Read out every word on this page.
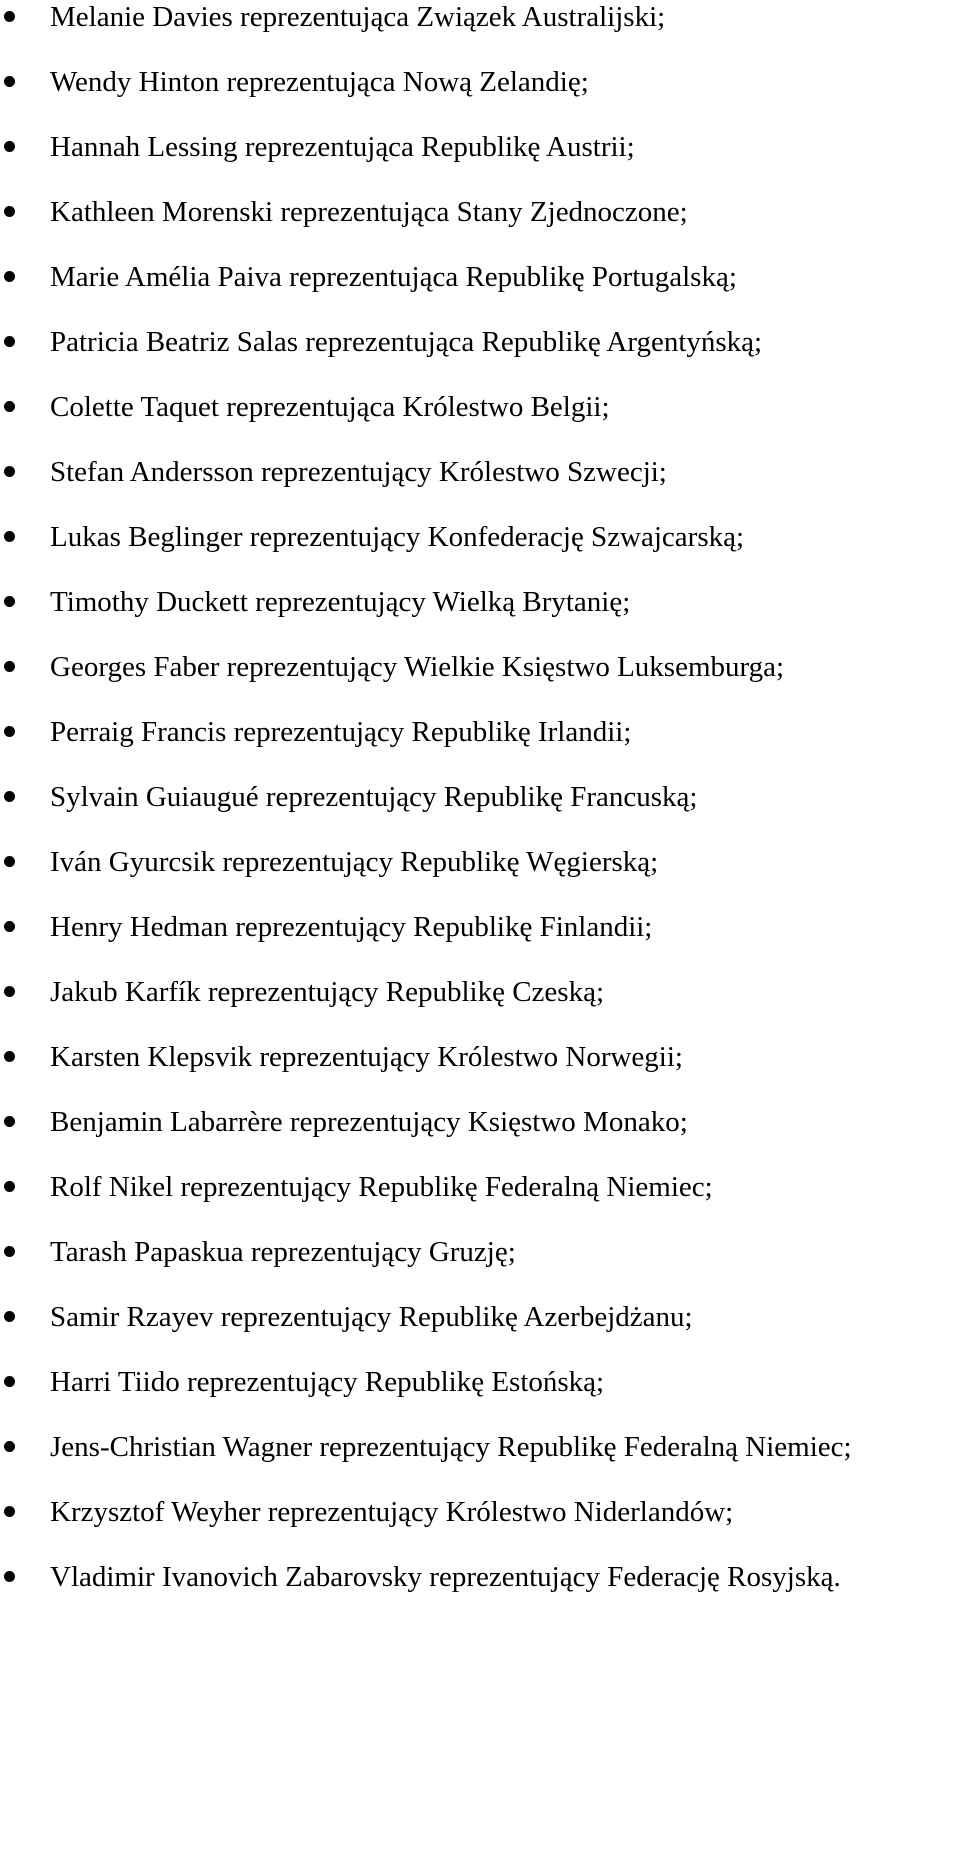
Melanie Davies reprezentująca Związek Australijski;
Wendy Hinton reprezentująca Nową Zelandię;
Hannah Lessing reprezentująca Republikę Austrii;
Kathleen Morenski reprezentująca Stany Zjednoczone;
Marie Amélia Paiva reprezentująca Republikę Portugalską;
Patricia Beatriz Salas reprezentująca Republikę Argentyńską;
Colette Taquet reprezentująca Królestwo Belgii;
Stefan Andersson reprezentujący Królestwo Szwecji;
Lukas Beglinger reprezentujący Konfederację Szwajcarską;
Timothy Duckett reprezentujący Wielką Brytanię;
Georges Faber reprezentujący Wielkie Księstwo Luksemburga;
Perraig Francis reprezentujący Republikę Irlandii;
Sylvain Guiaugué reprezentujący Republikę Francuską;
Iván Gyurcsik reprezentujący Republikę Węgierską;
Henry Hedman reprezentujący Republikę Finlandii;
Jakub Karfík reprezentujący Republikę Czeską;
Karsten Klepsvik reprezentujący Królestwo Norwegii;
Benjamin Labarrère reprezentujący Księstwo Monako;
Rolf Nikel reprezentujący Republikę Federalną Niemiec;
Tarash Papaskua reprezentujący Gruzję;
Samir Rzayev reprezentujący Republikę Azerbejdżanu;
Harri Tiido reprezentujący Republikę Estońską;
Jens-Christian Wagner reprezentujący Republikę Federalną Niemiec;
Krzysztof Weyher reprezentujący Królestwo Niderlandów;
Vladimir Ivanovich Zabarovsky reprezentujący Federację Rosyjską.
